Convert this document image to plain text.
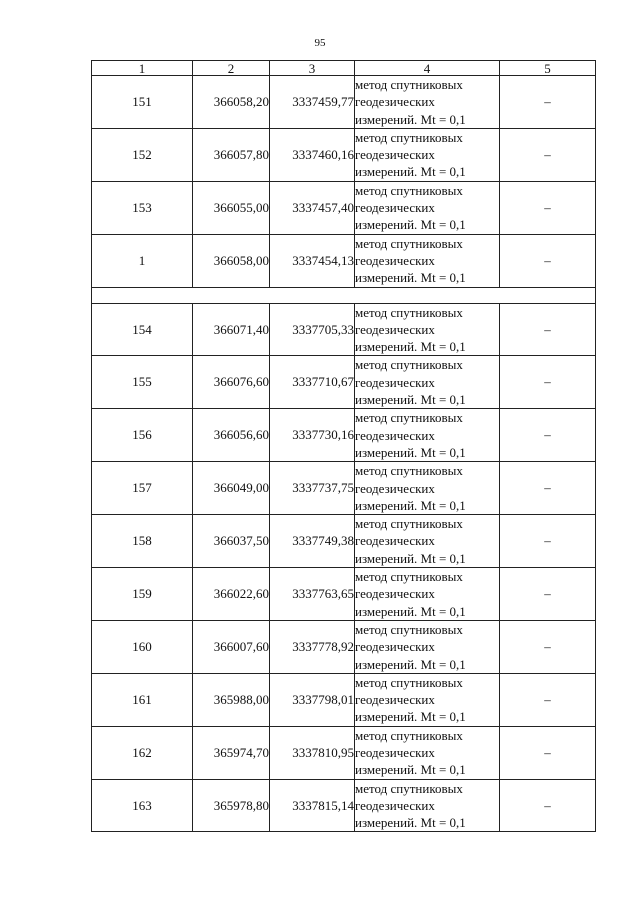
95
1	2	3	4	5
151	366058,20	3337459,77	метод спутниковых
геодезических
измерений. Mt = 0,1	–
152	366057,80	3337460,16	метод спутниковых
геодезических
измерений. Mt = 0,1	–
153	366055,00	3337457,40	метод спутниковых
геодезических
измерений. Mt = 0,1	–
1	366058,00	3337454,13	метод спутниковых
геодезических
измерений. Mt = 0,1	–

154	366071,40	3337705,33	метод спутниковых
геодезических
измерений. Mt = 0,1	–
155	366076,60	3337710,67	метод спутниковых
геодезических
измерений. Mt = 0,1	–
156	366056,60	3337730,16	метод спутниковых
геодезических
измерений. Mt = 0,1	–
157	366049,00	3337737,75	метод спутниковых
геодезических
измерений. Mt = 0,1	–
158	366037,50	3337749,38	метод спутниковых
геодезических
измерений. Mt = 0,1	–
159	366022,60	3337763,65	метод спутниковых
геодезических
измерений. Mt = 0,1	–
160	366007,60	3337778,92	метод спутниковых
геодезических
измерений. Mt = 0,1	–
161	365988,00	3337798,01	метод спутниковых
геодезических
измерений. Mt = 0,1	–
162	365974,70	3337810,95	метод спутниковых
геодезических
измерений. Mt = 0,1	–
163	365978,80	3337815,14	метод спутниковых
геодезических
измерений. Mt = 0,1	–
